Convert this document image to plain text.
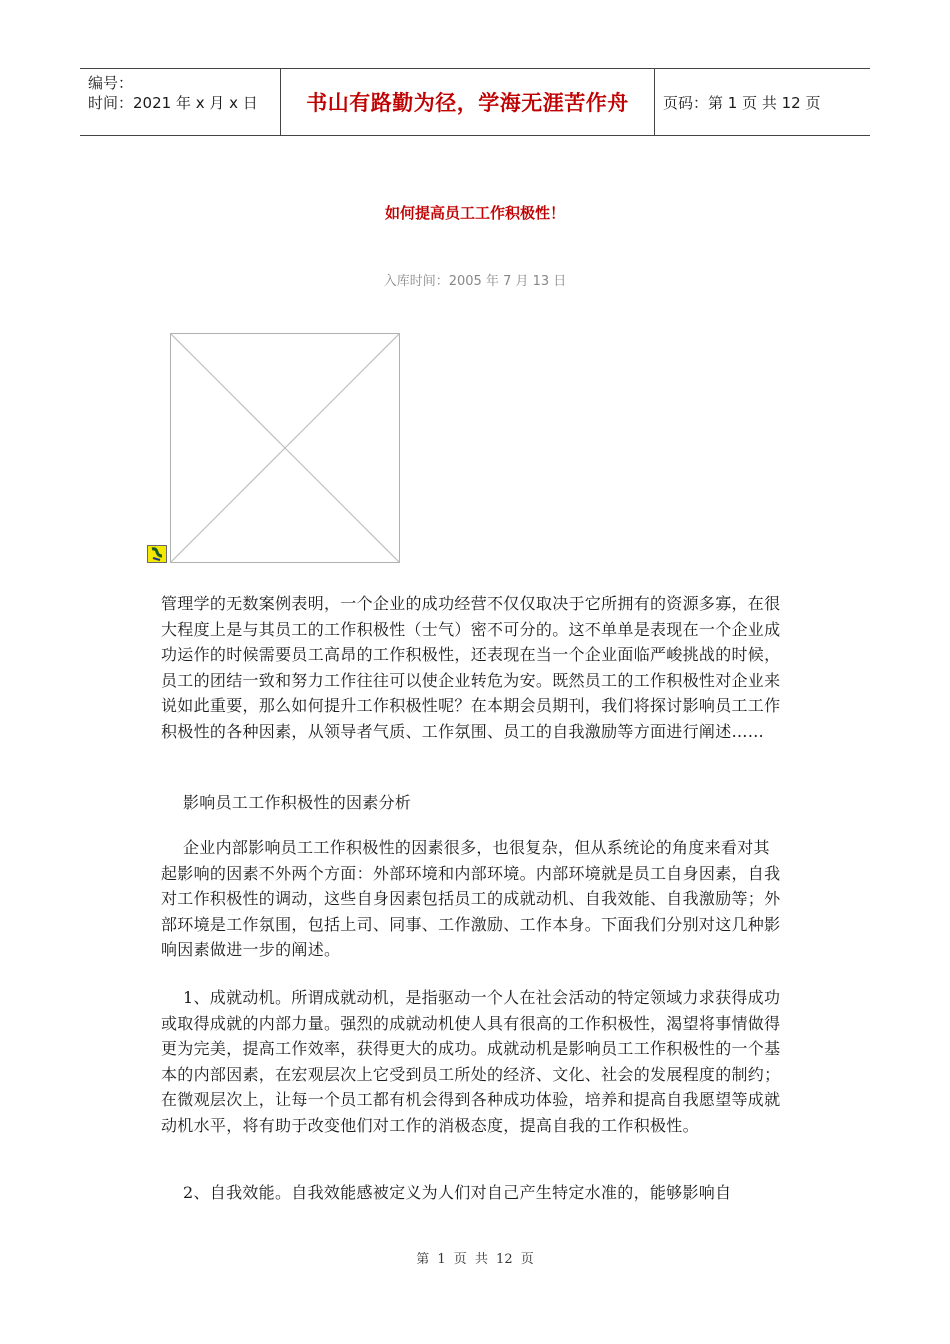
编号：
时间：2021 年 x 月 x 日	书山有路勤为径，学海无涯苦作舟 页码：第 1 页 共 12 页
如何提高员工工作积极性！
入库时间：2005 年 7 月 13 日
管理学的无数案例表明，一个企业的成功经营不仅仅取决于它所拥有的资源多寡，在很大程度上是与其员工的工作积极性（士气）密不可分的。这不单单是表现在一个企业成功运作的时候需要员工高昂的工作积极性，还表现在当一个企业面临严峻挑战的时候，员工的团结一致和努力工作往往可以使企业转危为安。既然员工的工作积极性对企业来说如此重要，那么如何提升工作积极性呢？在本期会员期刊，我们将探讨影响员工工作积极性的各种因素，从领导者气质、工作氛围、员工的自我激励等方面进行阐述……
影响员工工作积极性的因素分析
企业内部影响员工工作积极性的因素很多，也很复杂，但从系统论的角度来看对其起影响的因素不外两个方面：外部环境和内部环境。内部环境就是员工自身因素，自我对工作积极性的调动，这些自身因素包括员工的成就动机、自我效能、自我激励等；外部环境是工作氛围，包括上司、同事、工作激励、工作本身。下面我们分别对这几种影响因素做进一步的阐述。
1、成就动机。所谓成就动机，是指驱动一个人在社会活动的特定领域力求获得成功或取得成就的内部力量。强烈的成就动机使人具有很高的工作积极性，渴望将事情做得更为完美，提高工作效率，获得更大的成功。成就动机是影响员工工作积极性的一个基本的内部因素，在宏观层次上它受到员工所处的经济、文化、社会的发展程度的制约；在微观层次上，让每一个员工都有机会得到各种成功体验，培养和提高自我愿望等成就动机水平，将有助于改变他们对工作的消极态度，提高自我的工作积极性。
2、自我效能。自我效能感被定义为人们对自己产生特定水准的，能够影响自
第 1 页 共 12 页
